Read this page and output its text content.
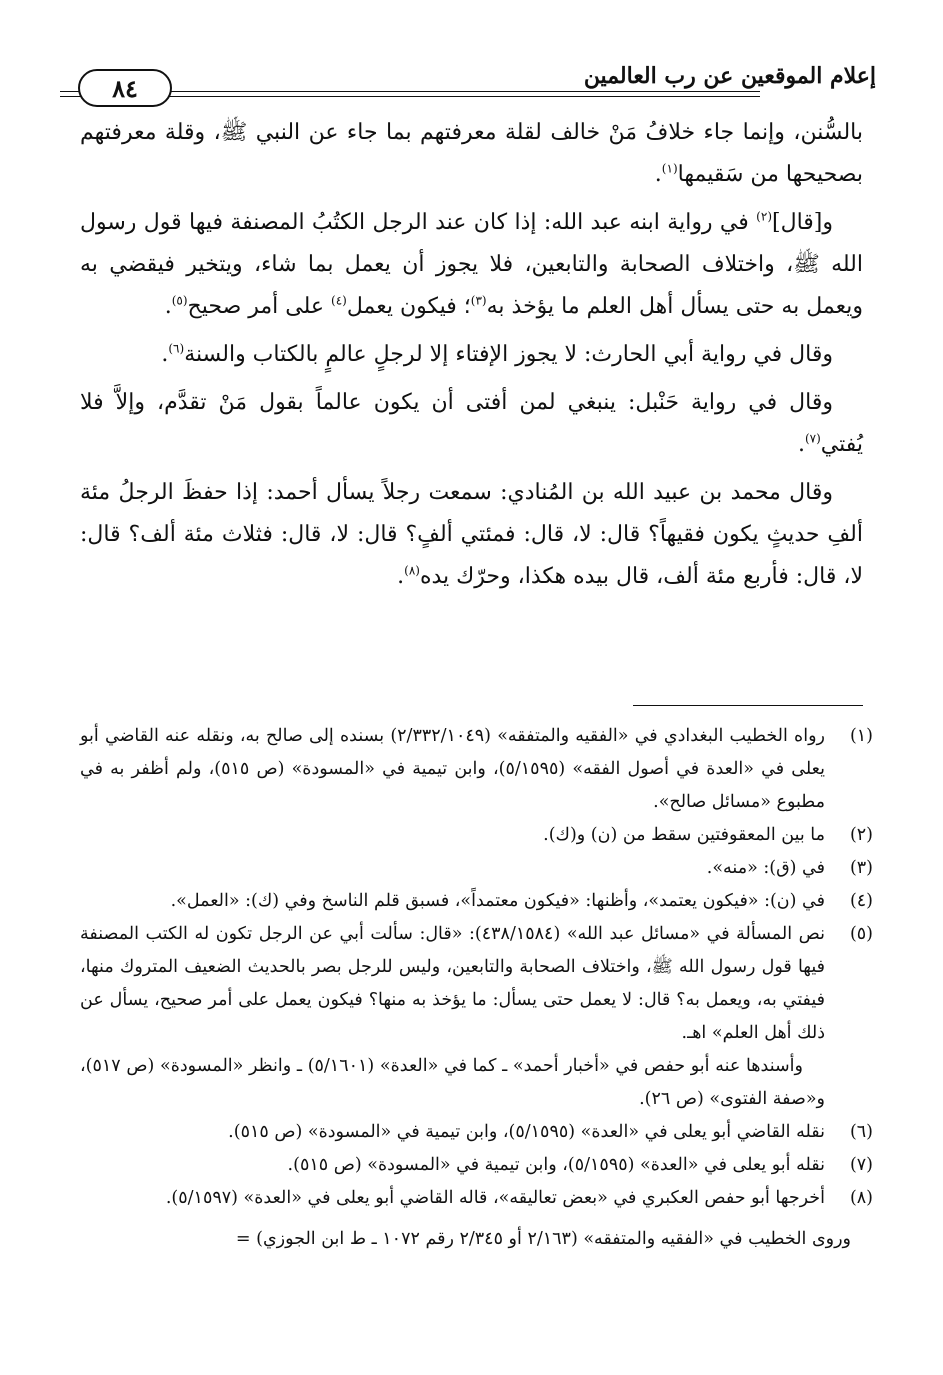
إعلام الموقعين عن رب العالمين
٨٤

بالسُّنن، وإنما جاء خلافُ مَنْ خالف لقلة معرفتهم بما جاء عن النبي ﷺ، وقلة معرفتهم بصحيحها من سَقيمها$^{(١)}$.

و[قال]$^{(٢)}$ في رواية ابنه عبد الله: إذا كان عند الرجل الكتُبُ المصنفة فيها قول رسول الله ﷺ، واختلاف الصحابة والتابعين، فلا يجوز أن يعمل بما شاء، ويتخير فيقضي به ويعمل به حتى يسأل أهل العلم ما يؤخذ به$^{(٣)}$؛ فيكون يعمل$^{(٤)}$ على أمر صحيح$^{(٥)}$.

وقال في رواية أبي الحارث: لا يجوز الإفتاء إلا لرجلٍ عالمٍ بالكتاب والسنة$^{(٦)}$.

وقال في رواية حَنْبل: ينبغي لمن أفتى أن يكون عالماً بقول مَنْ تقدَّم، وإلاَّ فلا يُفتي$^{(٧)}$.

وقال محمد بن عبيد الله بن المُنادي: سمعت رجلاً يسأل أحمد: إذا حفظَ الرجلُ مئة ألفِ حديثٍ يكون فقيهاً؟ قال: لا، قال: فمئتي ألفٍ؟ قال: لا، قال: فثلاث مئة ألف؟ قال: لا، قال: فأربع مئة ألف، قال بيده هكذا، وحرّك يده$^{(٨)}$.

(١)
رواه الخطيب البغدادي في «الفقيه والمتفقه» (٢/٣٣٢/١٠٤٩) بسنده إلى صالح به، ونقله عنه القاضي أبو يعلى في «العدة في أصول الفقه» (٥/١٥٩٥)، وابن تيمية في «المسودة» (ص ٥١٥)، ولم أظفر به في مطبوع «مسائل صالح».
(٢)
ما بين المعقوفتين سقط من (ن) و(ك).
(٣)
في (ق): «منه».
(٤)
في (ن): «فيكون يعتمد»، وأظنها: «فيكون معتمداً»، فسبق قلم الناسخ وفي (ك): «العمل».
(٥)
نص المسألة في «مسائل عبد الله» (٤٣٨/١٥٨٤): «قال: سألت أبي عن الرجل تكون له الكتب المصنفة فيها قول رسول الله ﷺ، واختلاف الصحابة والتابعين، وليس للرجل بصر بالحديث الضعيف المتروك منها، فيفتي به، ويعمل به؟ قال: لا يعمل حتى يسأل: ما يؤخذ به منها؟ فيكون يعمل على أمر صحيح، يسأل عن ذلك أهل العلم» اهـ.
وأسندها عنه أبو حفص في «أخبار أحمد» ـ كما في «العدة» (٥/١٦٠١) ـ وانظر «المسودة» (ص ٥١٧)، و«صفة الفتوى» (ص ٢٦).
(٦)
نقله القاضي أبو يعلى في «العدة» (٥/١٥٩٥)، وابن تيمية في «المسودة» (ص ٥١٥).
(٧)
نقله أبو يعلى في «العدة» (٥/١٥٩٥)، وابن تيمية في «المسودة» (ص ٥١٥).
(٨)
أخرجها أبو حفص العكبري في «بعض تعاليقه»، قاله القاضي أبو يعلى في «العدة» (٥/١٥٩٧).
وروى الخطيب في «الفقيه والمتفقه» (٢/١٦٣ أو ٢/٣٤٥ رقم ١٠٧٢ ـ ط ابن الجوزي) =
